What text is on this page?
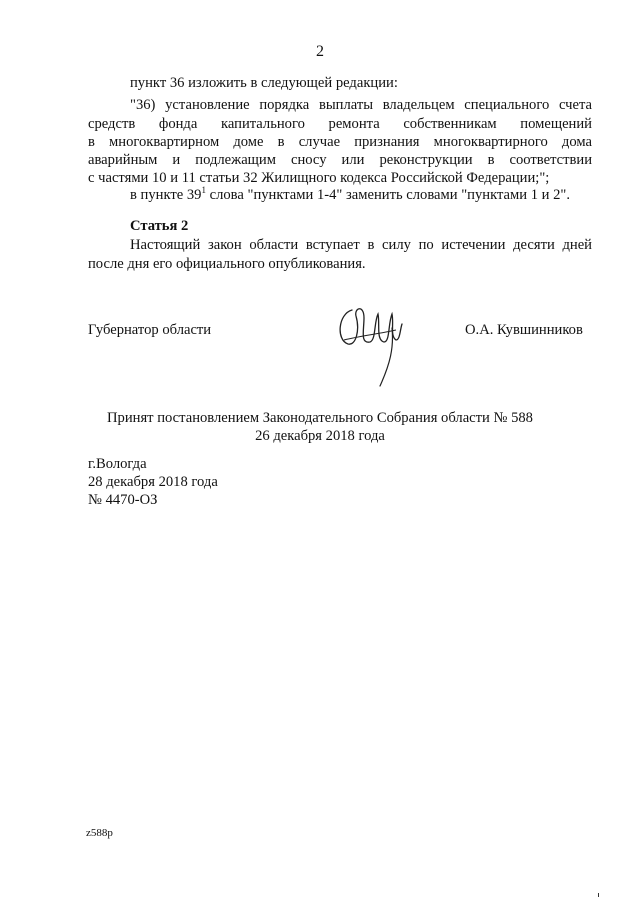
2
пункт 36 изложить в следующей редакции:
"36) установление порядка выплаты владельцем специального счета
средств фонда капитального ремонта собственникам помещений
в многоквартирном доме в случае признания многоквартирного дома
аварийным и подлежащим сносу или реконструкции в соответствии
с частями 10 и 11 статьи 32 Жилищного кодекса Российской Федерации;";
в пункте $39^1$ слова "пунктами 1-4" заменить словами "пунктами 1 и 2".
Статья 2
Настоящий закон области вступает в силу по истечении десяти дней
после дня его официального опубликования.
Губернатор области	О.А. Кувшинников
Принят постановлением Законодательного Собрания области № 588
26 декабря 2018 года
г.Вологда
28 декабря 2018 года
№ 4470-ОЗ
z588p
